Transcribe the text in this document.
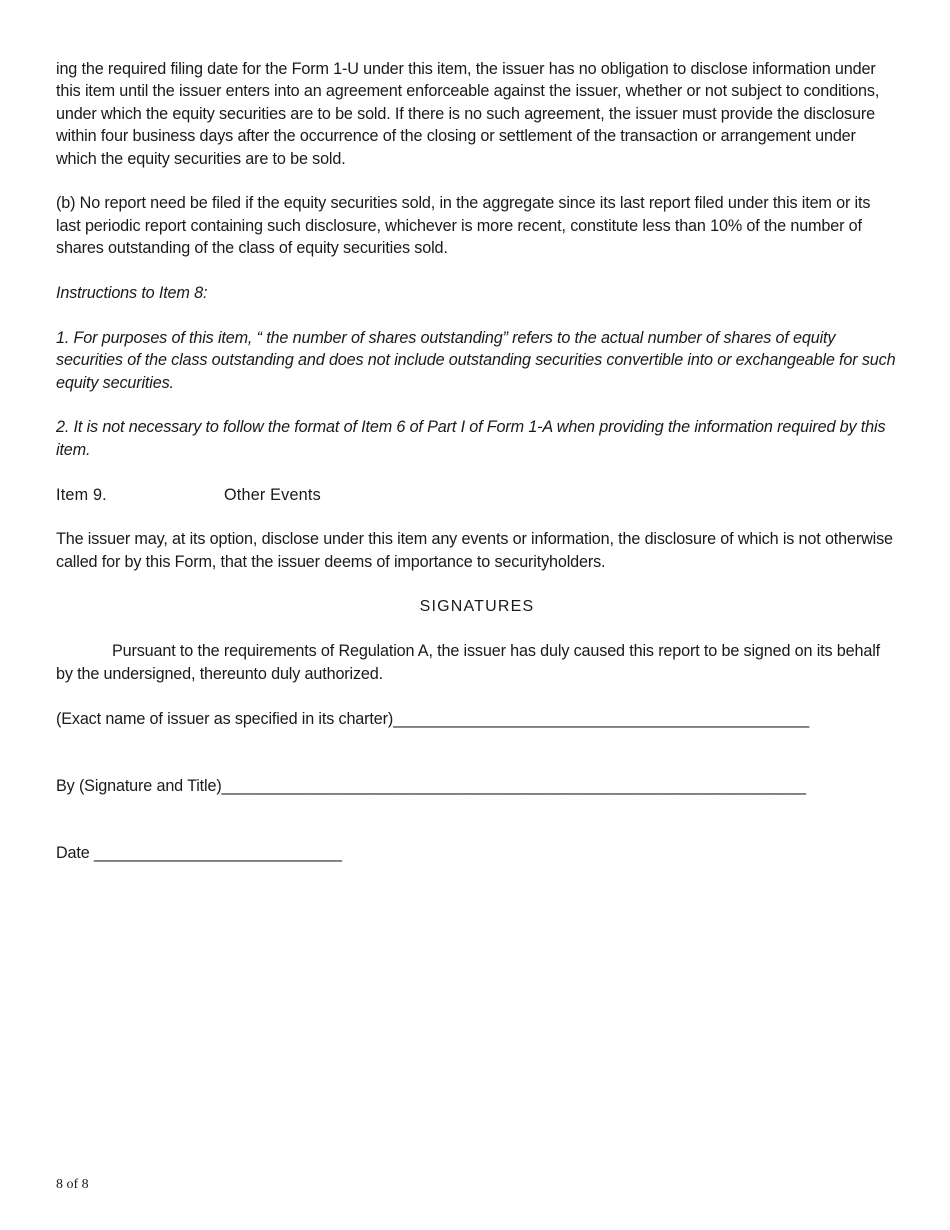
ing the required filing date for the Form 1-U under this item, the issuer has no obligation to disclose information under this item until the issuer enters into an agreement enforceable against the issuer, whether or not subject to conditions, under which the equity securities are to be sold. If there is no such agreement, the issuer must provide the disclosure within four business days after the occurrence of the closing or settlement of the transaction or arrangement under which the equity securities are to be sold.

(b) No report need be filed if the equity securities sold, in the aggregate since its last report filed under this item or its last periodic report containing such disclosure, whichever is more recent, constitute less than 10% of the number of shares outstanding of the class of equity securities sold.

Instructions to Item 8:

1. For purposes of this item, “ the number of shares outstanding” refers to the actual number of shares of equity securities of the class outstanding and does not include outstanding securities convertible into or exchangeable for such equity securities.

2. It is not necessary to follow the format of Item 6 of Part I of Form 1-A when providing the information required by this item.

Item 9.	Other Events

The issuer may, at its option, disclose under this item any events or information, the disclosure of which is not otherwise called for by this Form, that the issuer deems of importance to securityholders.

SIGNATURES

Pursuant to the requirements of Regulation A, the issuer has duly caused this report to be signed on its behalf by the undersigned, thereunto duly authorized.

(Exact name of issuer as specified in its charter)_______________________________________________

By (Signature and Title)__________________________________________________________________

Date ____________________________

8 of 8
